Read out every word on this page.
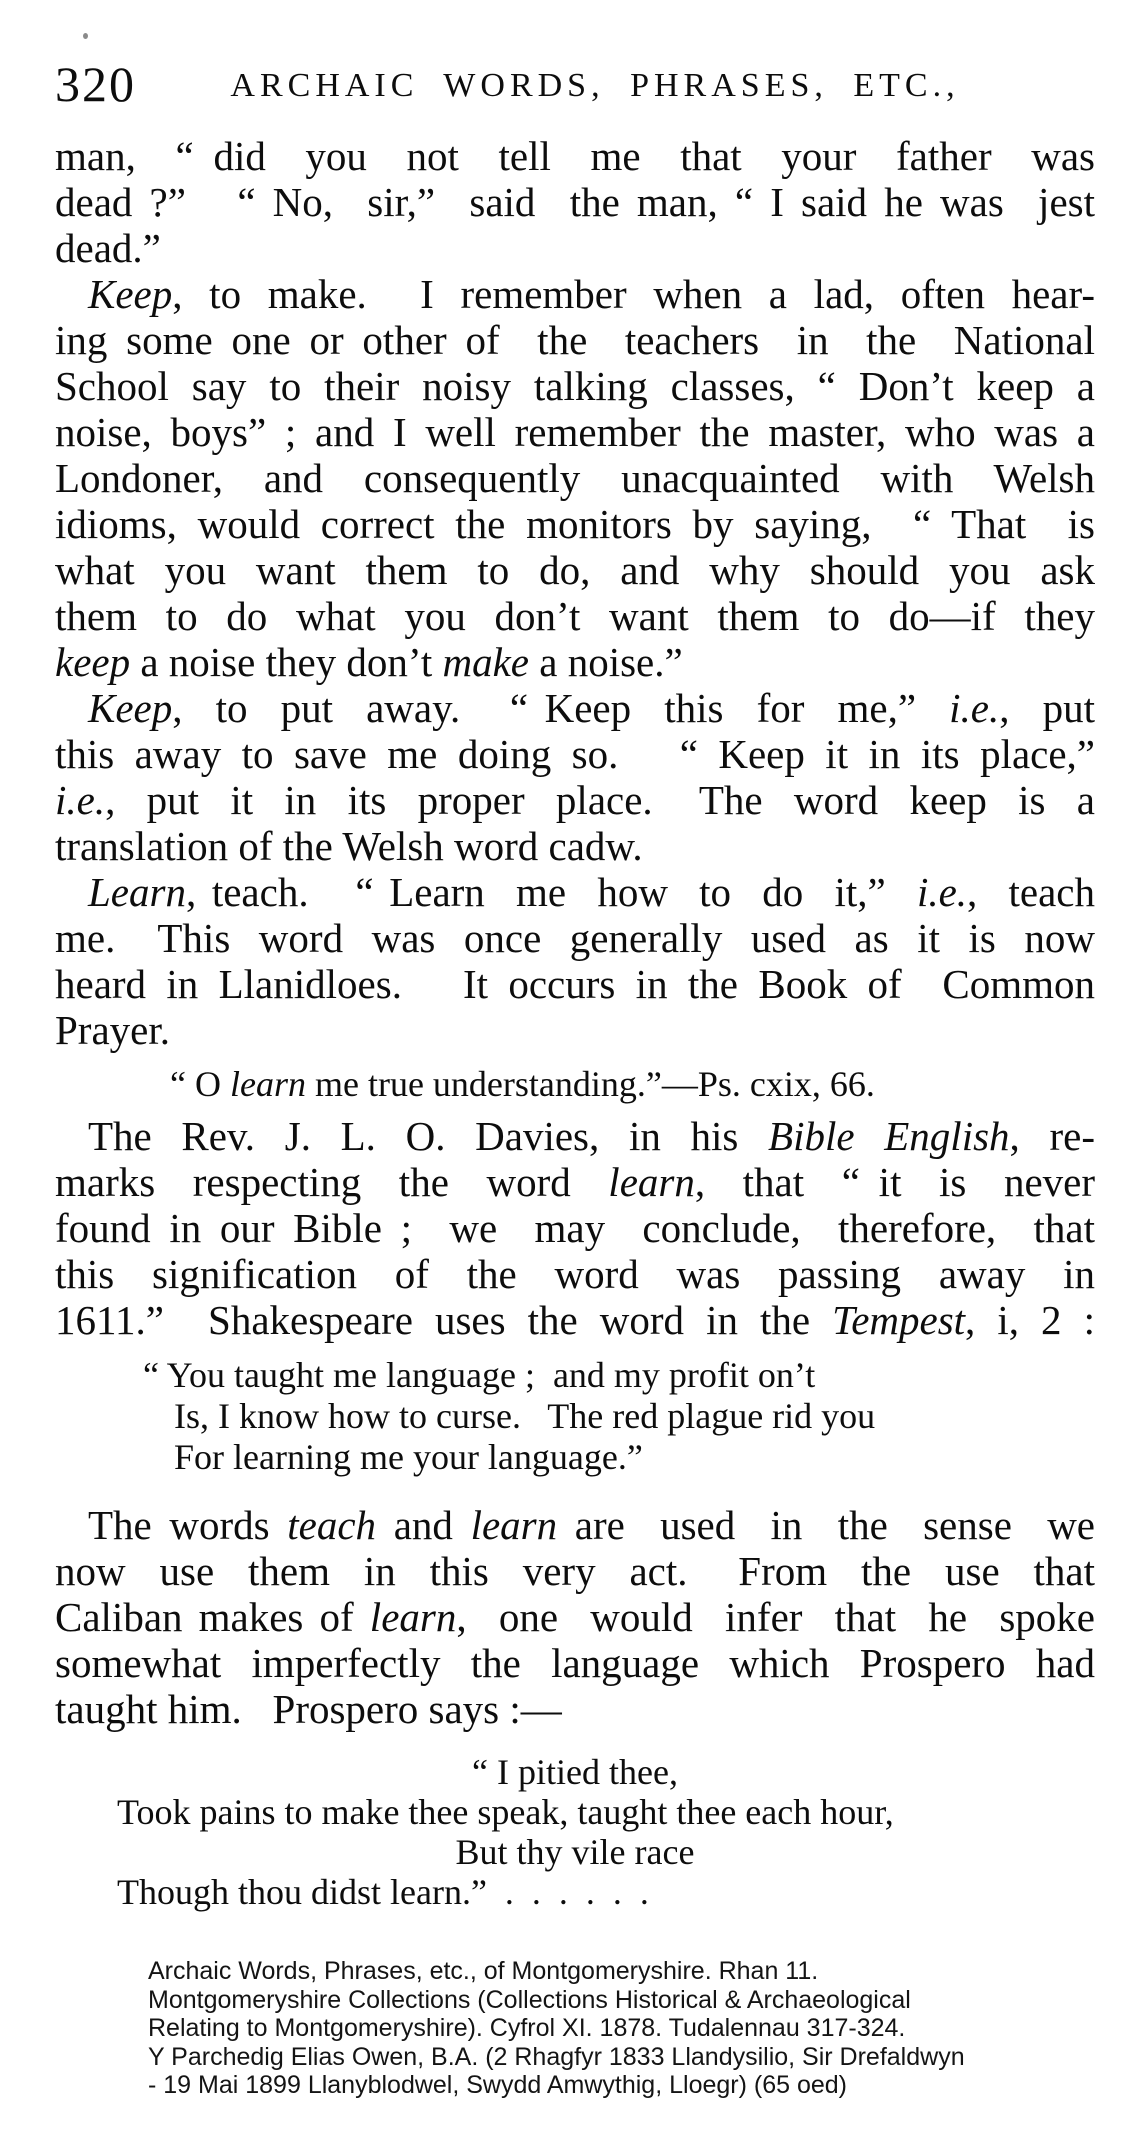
320	ARCHAIC WORDS, PHRASES, ETC.,
man,  “ did  you  not  tell  me  that  your  father  was
dead ?”   “ No,  sir,”  said  the man, “ I said he was  jest
dead.”
Keep, to make.  I remember when a lad, often hear-
ing some one or other of  the  teachers  in  the  National
School say to their noisy talking classes, “ Don’t keep a
noise, boys” ; and I well remember the master, who was a
Londoner,  and  consequently  unacquainted  with  Welsh
idioms, would correct the monitors by saying,  “ That  is
what  you  want  them  to  do,  and  why  should  you  ask
them  to  do  what  you  don’t  want  them  to  do—if  they
keep a noise they don’t make a noise.”
Keep,  to  put  away.   “ Keep  this  for  me,”  i.e.,  put
this away to save me doing so.   “ Keep it in its place,”
i.e.,  put  it  in  its  proper  place.   The  word  keep  is  a
translation of the Welsh word cadw.
Learn, teach.   “ Learn  me  how  to  do  it,”  i.e.,  teach
me.   This  word  was  once  generally  used  as  it  is  now
heard in Llanidloes.   It occurs in the Book of  Common
Prayer.
“ O learn me true understanding.”—Ps. cxix, 66.
The  Rev.  J.  L.  O.  Davies,  in  his  Bible  English,  re-
marks  respecting  the  word  learn,  that  “ it  is  never
found in our Bible ;  we  may  conclude,  therefore,  that
this  signification  of  the  word  was  passing  away  in
1611.”  Shakespeare uses the word in the Tempest, i, 2 :
“ You taught me language ;  and my profit on’t
Is, I know how to curse.   The red plague rid you
For learning me your language.”
The words teach and learn are  used  in  the  sense  we
now  use  them  in  this  very  act.   From  the  use  that
Caliban makes of learn,  one  would  infer  that  he  spoke
somewhat imperfectly the language which Prospero had
taught him.   Prospero says :—
“ I pitied thee,
Took pains to make thee speak, taught thee each hour,
But thy vile race
Though thou didst learn.”  .  .  .  .  .  .
Archaic Words, Phrases, etc., of Montgomeryshire. Rhan 11.
Montgomeryshire Collections (Collections Historical & Archaeological
Relating to Montgomeryshire). Cyfrol XI. 1878. Tudalennau 317-324.
Y Parchedig Elias Owen, B.A. (2 Rhagfyr 1833 Llandysilio, Sir Drefaldwyn
- 19 Mai 1899 Llanyblodwel, Swydd Amwythig, Lloegr) (65 oed)
